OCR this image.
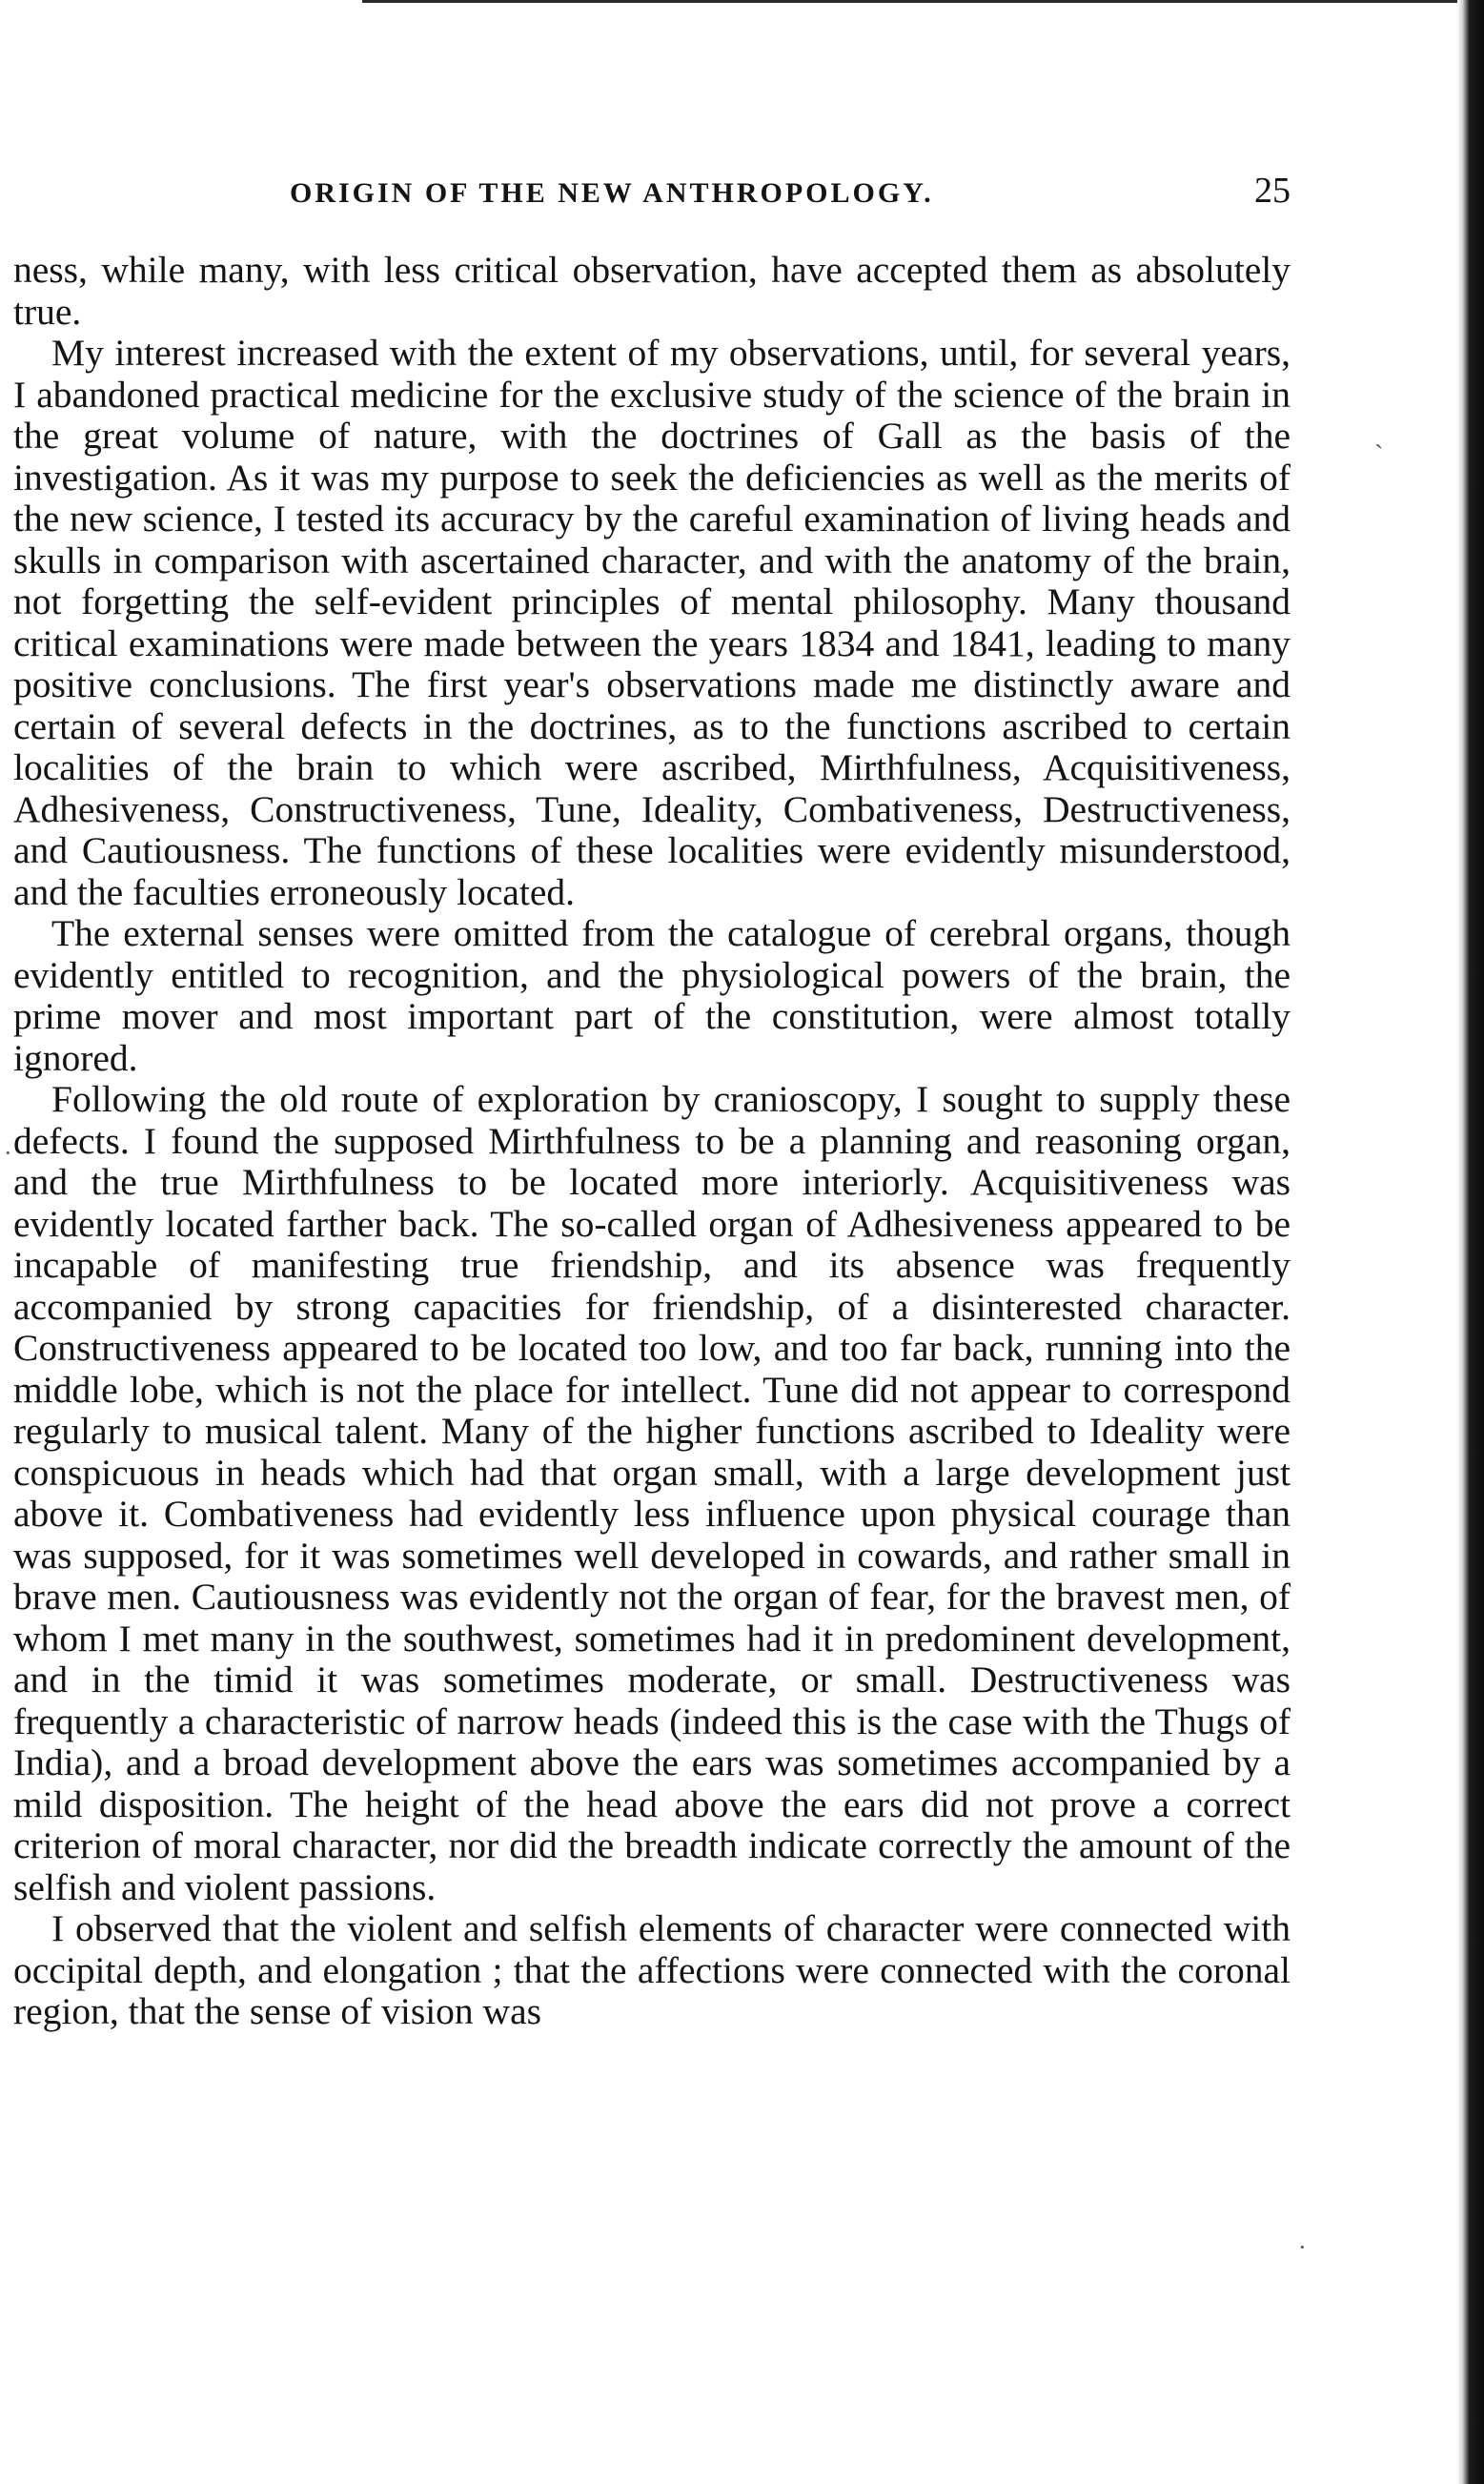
ORIGIN OF THE NEW ANTHROPOLOGY.	25

ness, while many, with less critical observation, have accepted them as absolutely true.

My interest increased with the extent of my observations, until, for several years, I abandoned practical medicine for the exclusive study of the science of the brain in the great volume of nature, with the doctrines of Gall as the basis of the investigation. As it was my purpose to seek the deficiencies as well as the merits of the new science, I tested its accuracy by the careful examination of living heads and skulls in comparison with ascertained character, and with the anatomy of the brain, not forgetting the self-evident principles of mental philosophy. Many thousand critical examinations were made between the years 1834 and 1841, leading to many positive conclusions. The first year's observations made me distinctly aware and certain of several defects in the doctrines, as to the functions ascribed to certain localities of the brain to which were ascribed, Mirthfulness, Acquisitiveness, Adhesiveness, Constructiveness, Tune, Ideality, Combativeness, Destructiveness, and Cautiousness. The functions of these localities were evidently misunderstood, and the faculties erroneously located.

The external senses were omitted from the catalogue of cerebral organs, though evidently entitled to recognition, and the physiological powers of the brain, the prime mover and most important part of the constitution, were almost totally ignored.

Following the old route of exploration by cranioscopy, I sought to supply these defects. I found the supposed Mirthfulness to be a planning and reasoning organ, and the true Mirthfulness to be located more interiorly. Acquisitiveness was evidently located farther back. The so-called organ of Adhesiveness appeared to be incapable of manifesting true friendship, and its absence was frequently accompanied by strong capacities for friendship, of a disinterested character. Constructiveness appeared to be located too low, and too far back, running into the middle lobe, which is not the place for intellect. Tune did not appear to correspond regularly to musical talent. Many of the higher functions ascribed to Ideality were conspicuous in heads which had that organ small, with a large development just above it. Combativeness had evidently less influence upon physical courage than was supposed, for it was sometimes well developed in cowards, and rather small in brave men. Cautiousness was evidently not the organ of fear, for the bravest men, of whom I met many in the southwest, sometimes had it in predominent development, and in the timid it was sometimes moderate, or small. Destructiveness was frequently a characteristic of narrow heads (indeed this is the case with the Thugs of India), and a broad development above the ears was sometimes accompanied by a mild disposition. The height of the head above the ears did not prove a correct criterion of moral character, nor did the breadth indicate correctly the amount of the selfish and violent passions.

I observed that the violent and selfish elements of character were connected with occipital depth, and elongation ; that the affections were connected with the coronal region, that the sense of vision was

`
·
·
